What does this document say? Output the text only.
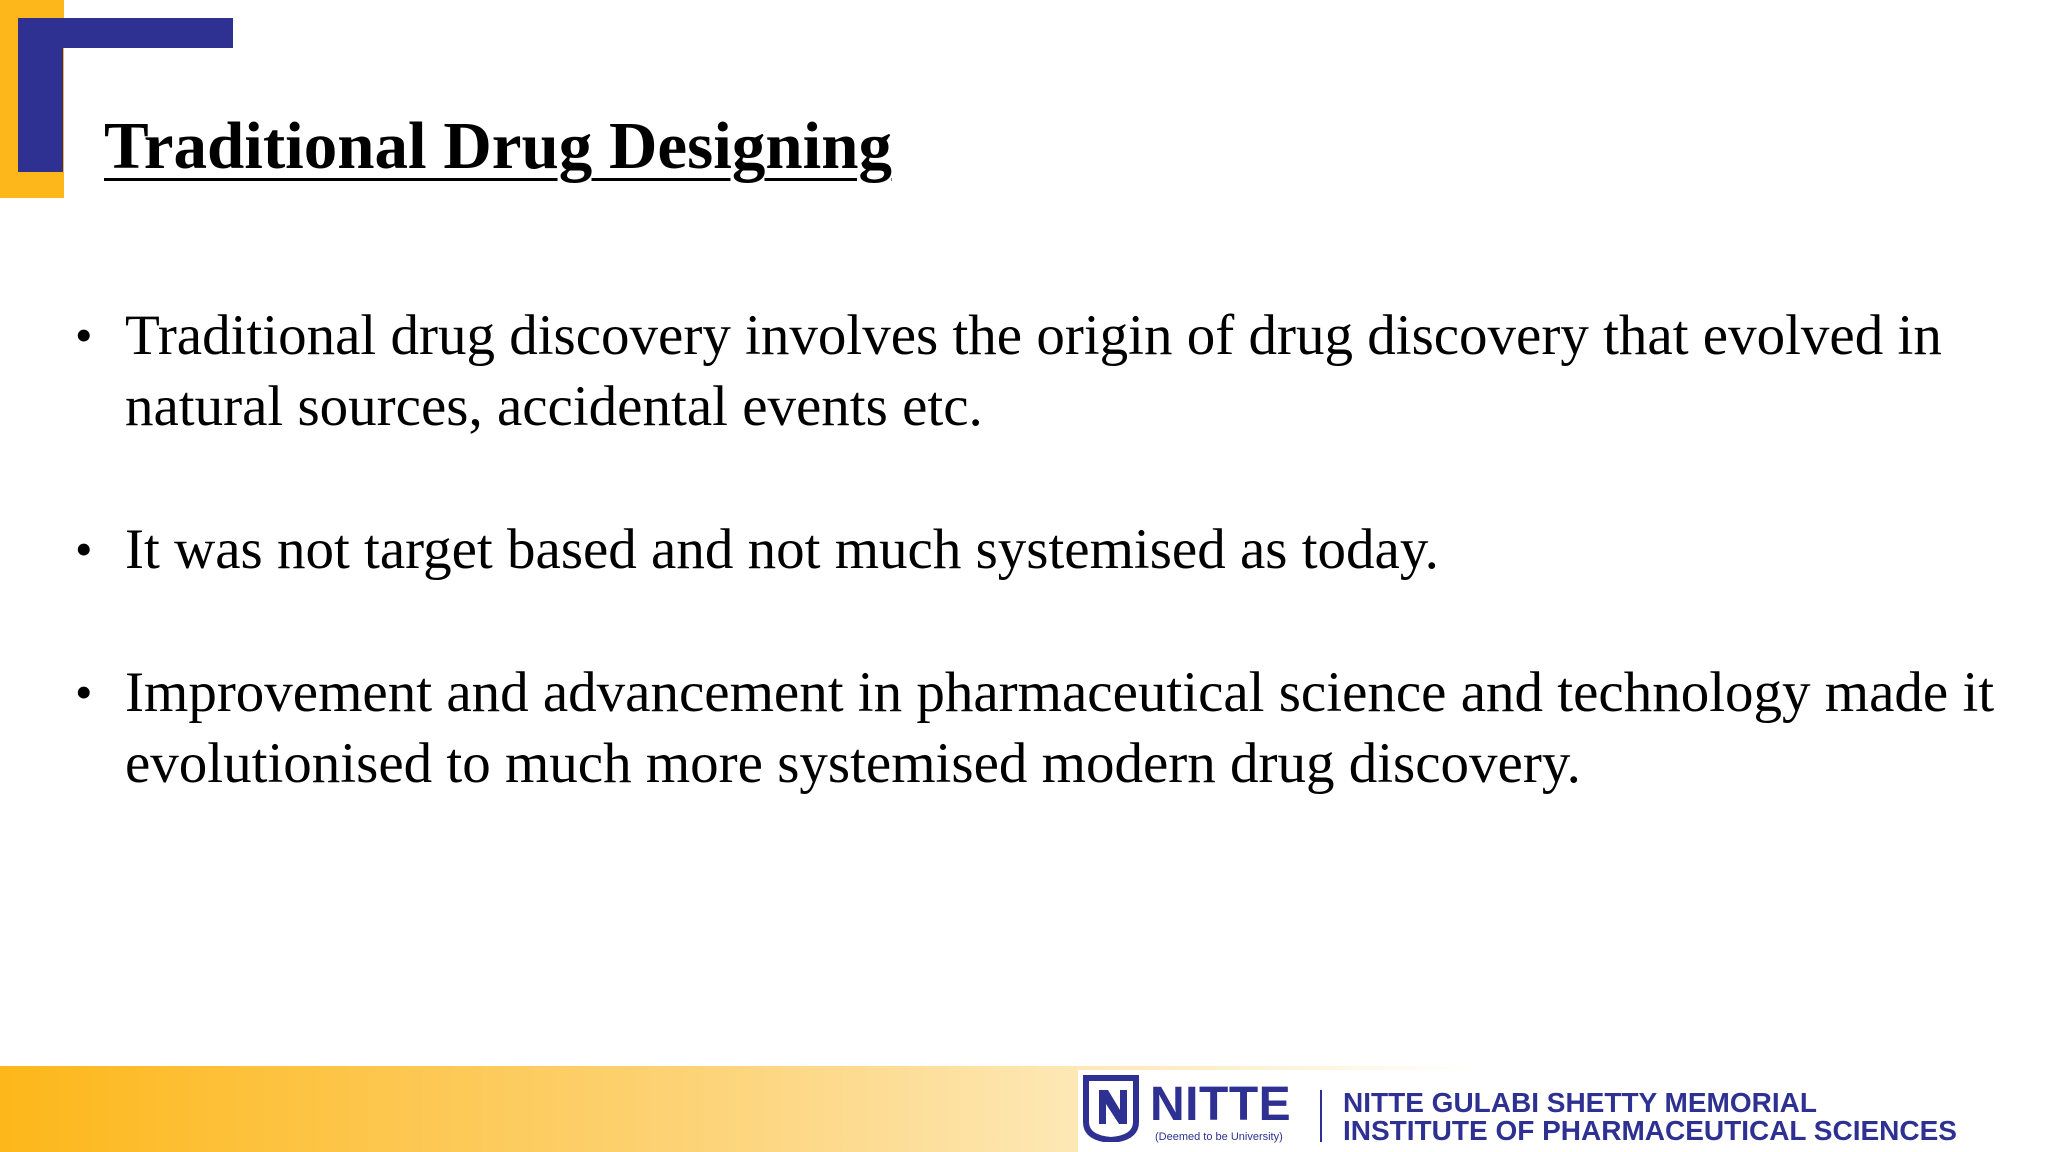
Traditional Drug Designing
• Traditional drug discovery involves the origin of drug discovery that evolved in natural sources, accidental events etc.
• It was not target based and not much systemised as today.
• Improvement and advancement in pharmaceutical science and technology made it evolutionised to much more systemised modern drug discovery.
NITTE
(Deemed to be University)
NITTE GULABI SHETTY MEMORIAL
INSTITUTE OF PHARMACEUTICAL SCIENCES
